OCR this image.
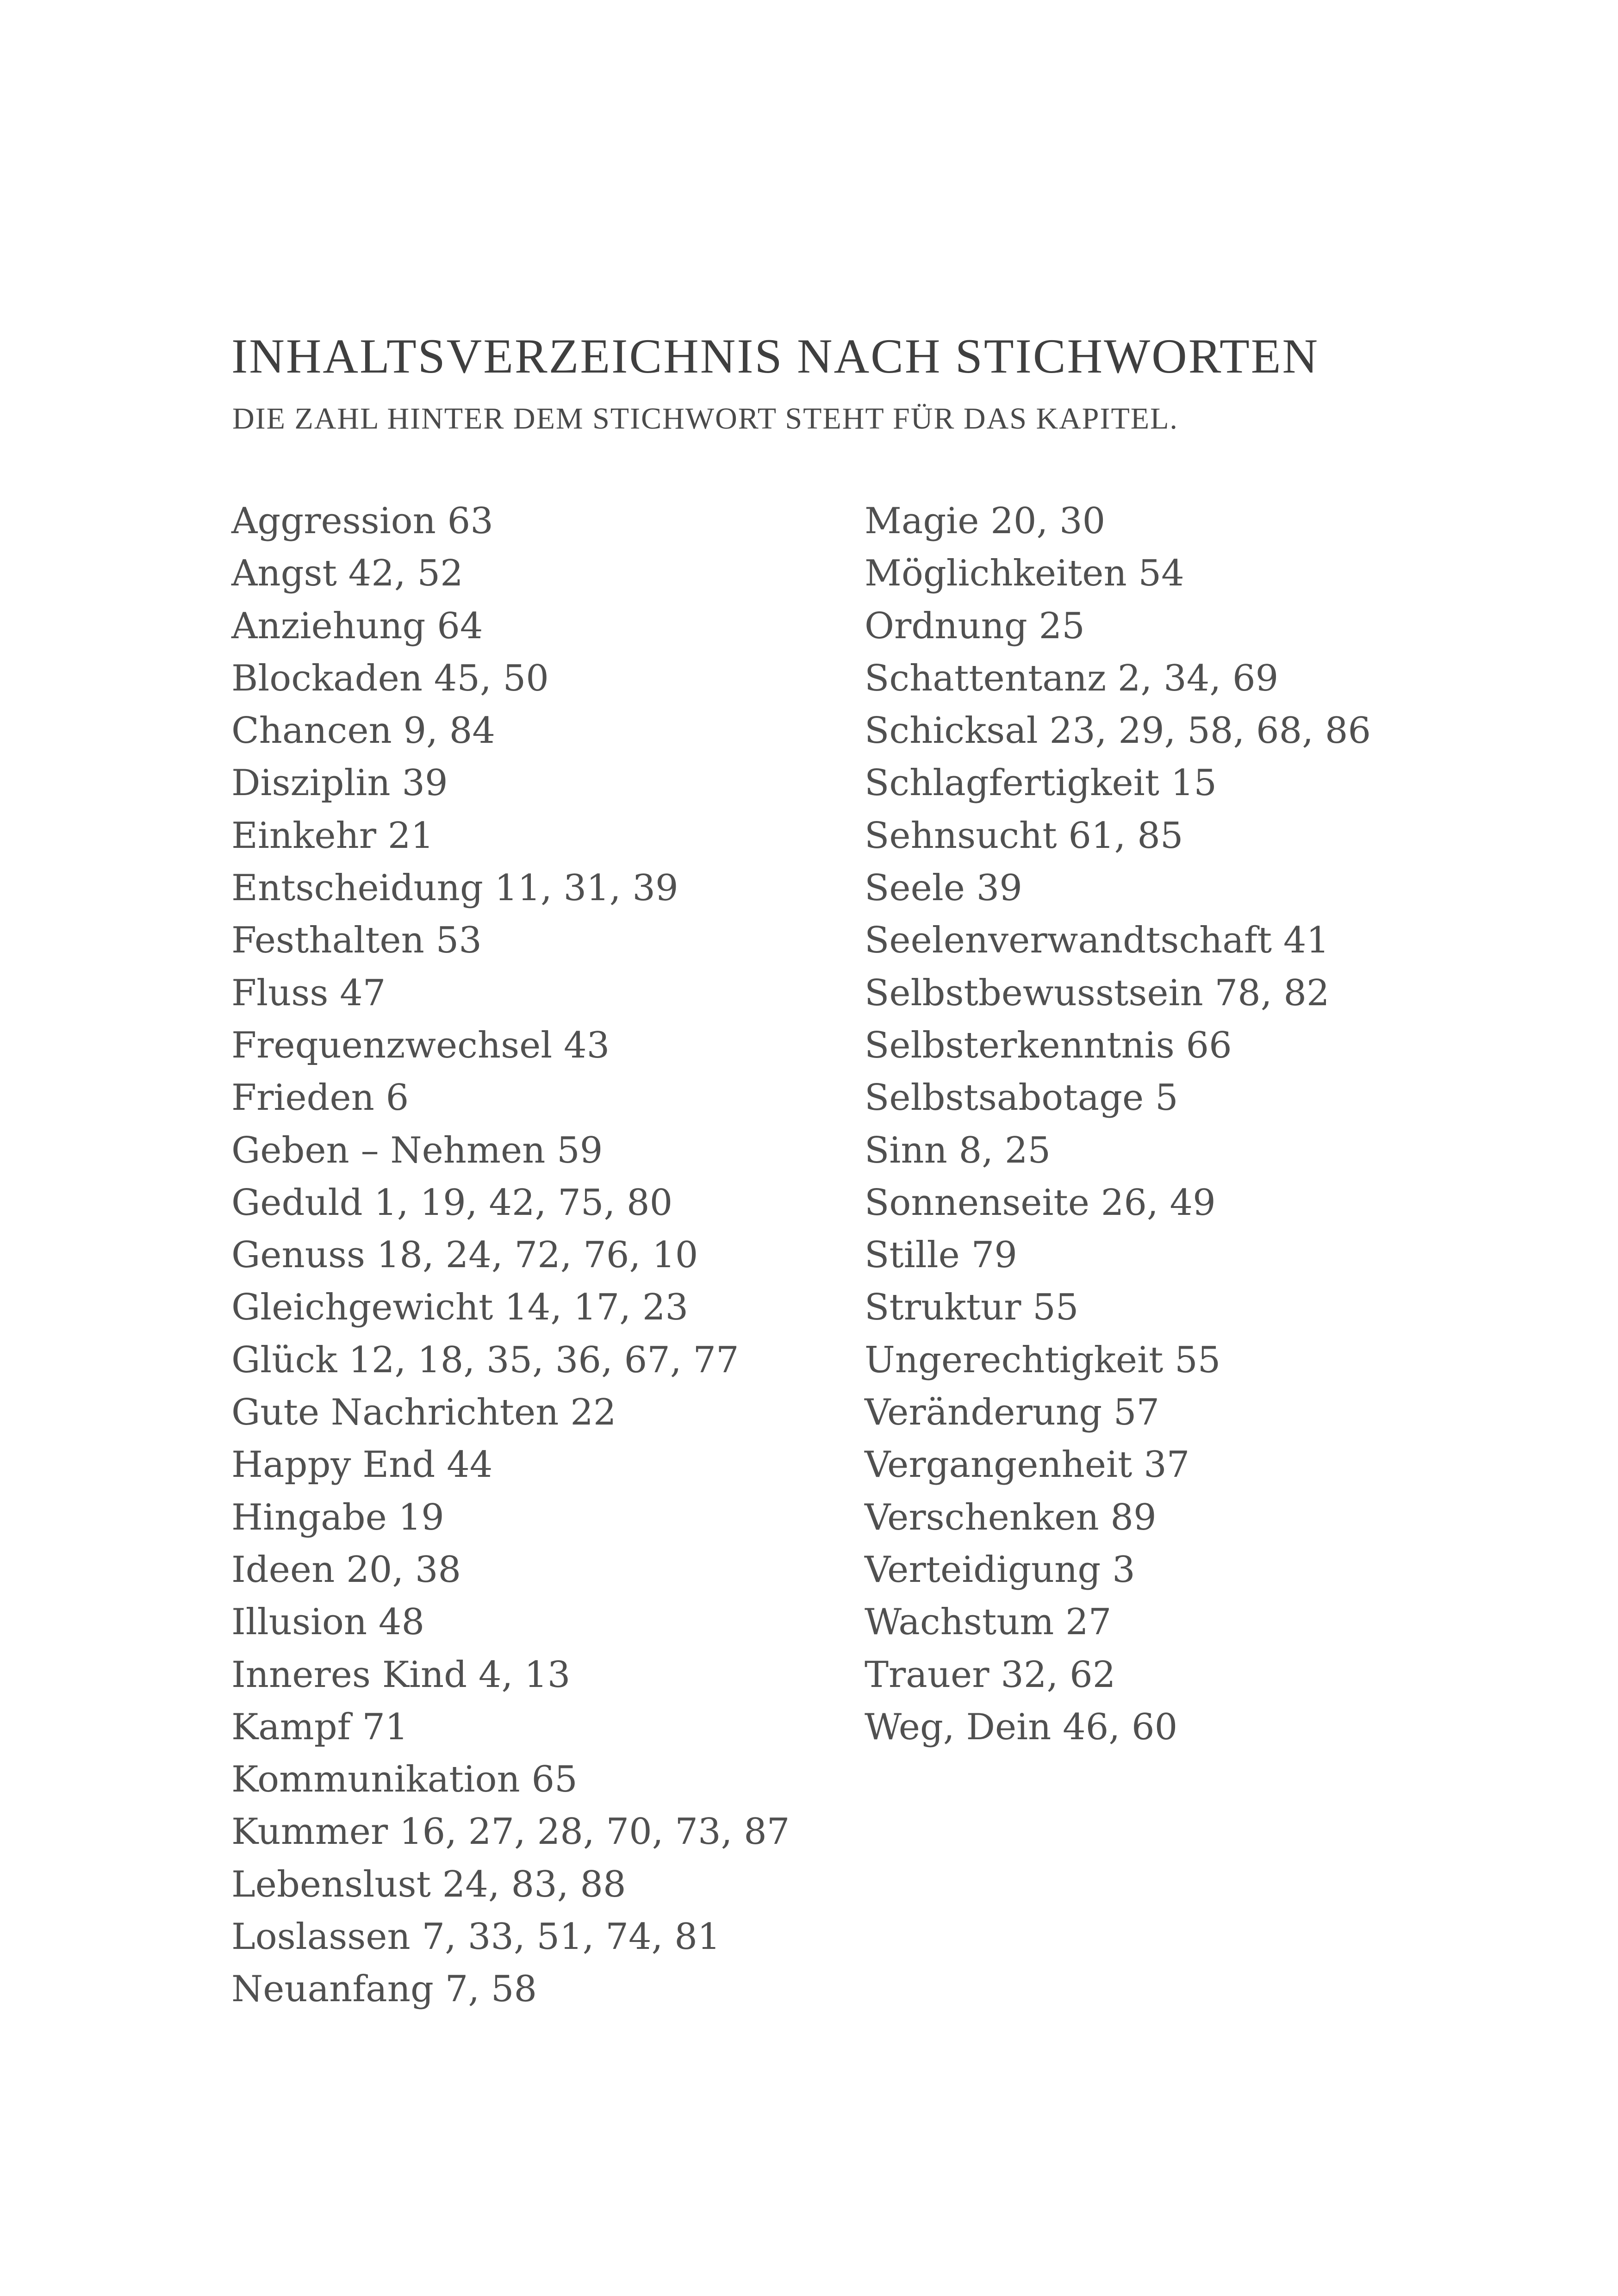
INHALTSVERZEICHNIS NACH STICHWORTEN

DIE ZAHL HINTER DEM STICHWORT STEHT FÜR DAS KAPITEL.

Aggression 63
Angst 42, 52
Anziehung 64
Blockaden 45, 50
Chancen 9, 84
Disziplin 39
Einkehr 21
Entscheidung 11, 31, 39
Festhalten 53
Fluss 47
Frequenzwechsel 43
Frieden 6
Geben – Nehmen 59
Geduld 1, 19, 42, 75, 80
Genuss 18, 24, 72, 76, 10
Gleichgewicht 14, 17, 23
Glück 12, 18, 35, 36, 67, 77
Gute Nachrichten 22
Happy End 44
Hingabe 19
Ideen 20, 38
Illusion 48
Inneres Kind 4, 13
Kampf 71
Kommunikation 65
Kummer 16, 27, 28, 70, 73, 87
Lebenslust 24, 83, 88
Loslassen 7, 33, 51, 74, 81
Neuanfang 7, 58
Magie 20, 30
Möglichkeiten 54
Ordnung 25
Schattentanz 2, 34, 69
Schicksal 23, 29, 58, 68, 86
Schlagfertigkeit 15
Sehnsucht 61, 85
Seele 39
Seelenverwandtschaft 41
Selbstbewusstsein 78, 82
Selbsterkenntnis 66
Selbstsabotage 5
Sinn 8, 25
Sonnenseite 26, 49
Stille 79
Struktur 55
Ungerechtigkeit 55
Veränderung 57
Vergangenheit 37
Verschenken 89
Verteidigung 3
Wachstum 27
Trauer 32, 62
Weg, Dein 46, 60
